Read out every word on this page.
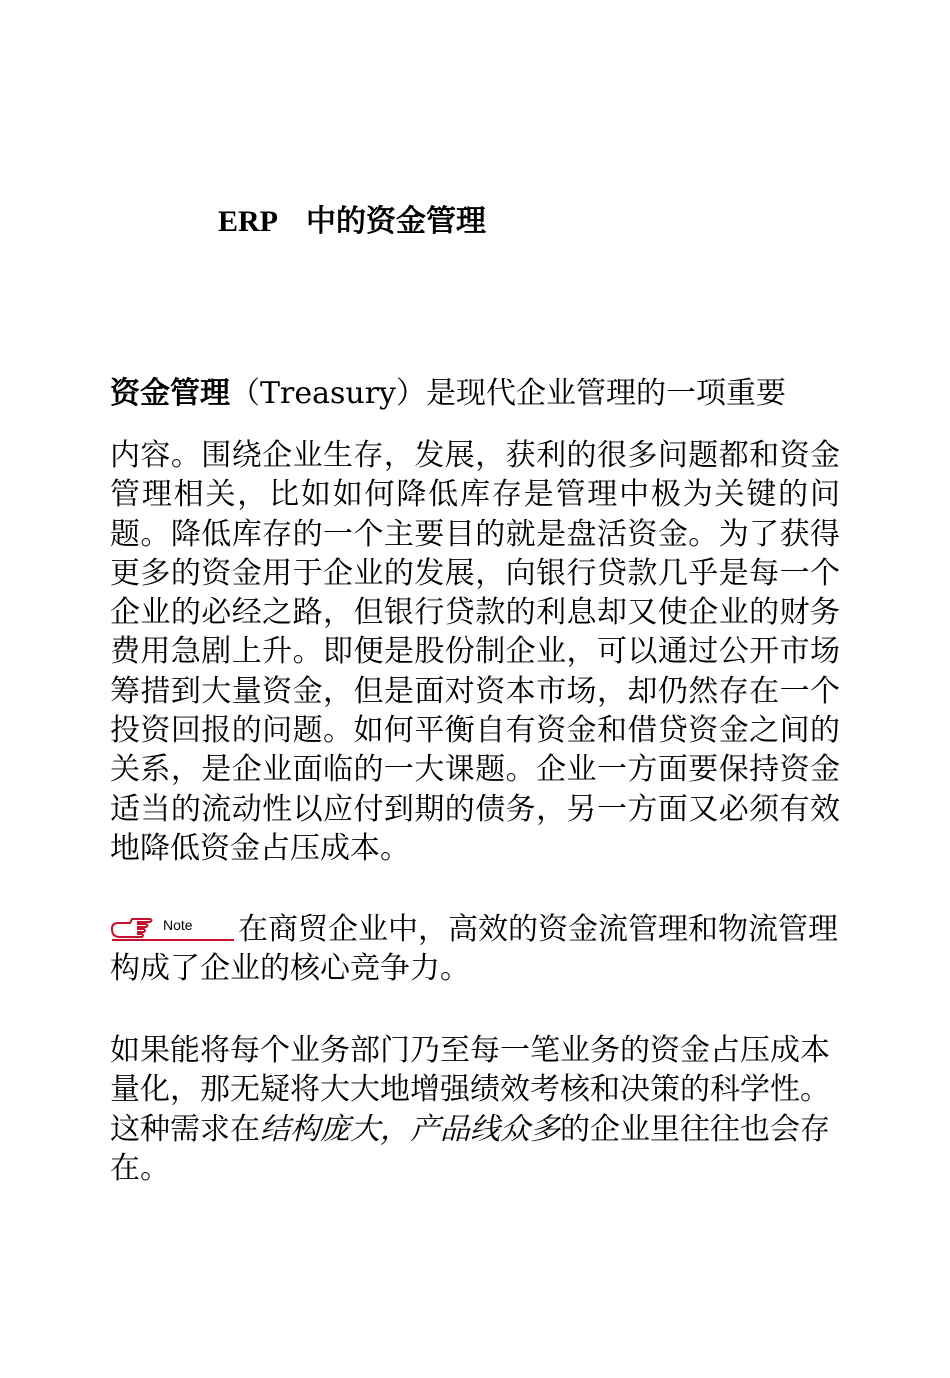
ERP 中的资金管理
资金管理（Treasury）是现代企业管理的一项重要
内容。围绕企业生存，发展，获利的很多问题都和资金管理相关，比如如何降低库存是管理中极为关键的问题。降低库存的一个主要目的就是盘活资金。为了获得更多的资金用于企业的发展，向银行贷款几乎是每一个企业的必经之路，但银行贷款的利息却又使企业的财务费用急剧上升。即便是股份制企业，可以通过公开市场筹措到大量资金，但是面对资本市场，却仍然存在一个投资回报的问题。如何平衡自有资金和借贷资金之间的关系，是企业面临的一大课题。企业一方面要保持资金适当的流动性以应付到期的债务，另一方面又必须有效地降低资金占压成本。
Note 在商贸企业中，高效的资金流管理和物流管理构成了企业的核心竞争力。
如果能将每个业务部门乃至每一笔业务的资金占压成本量化，那无疑将大大地增强绩效考核和决策的科学性。这种需求在结构庞大，产品线众多的企业里往往也会存在。
